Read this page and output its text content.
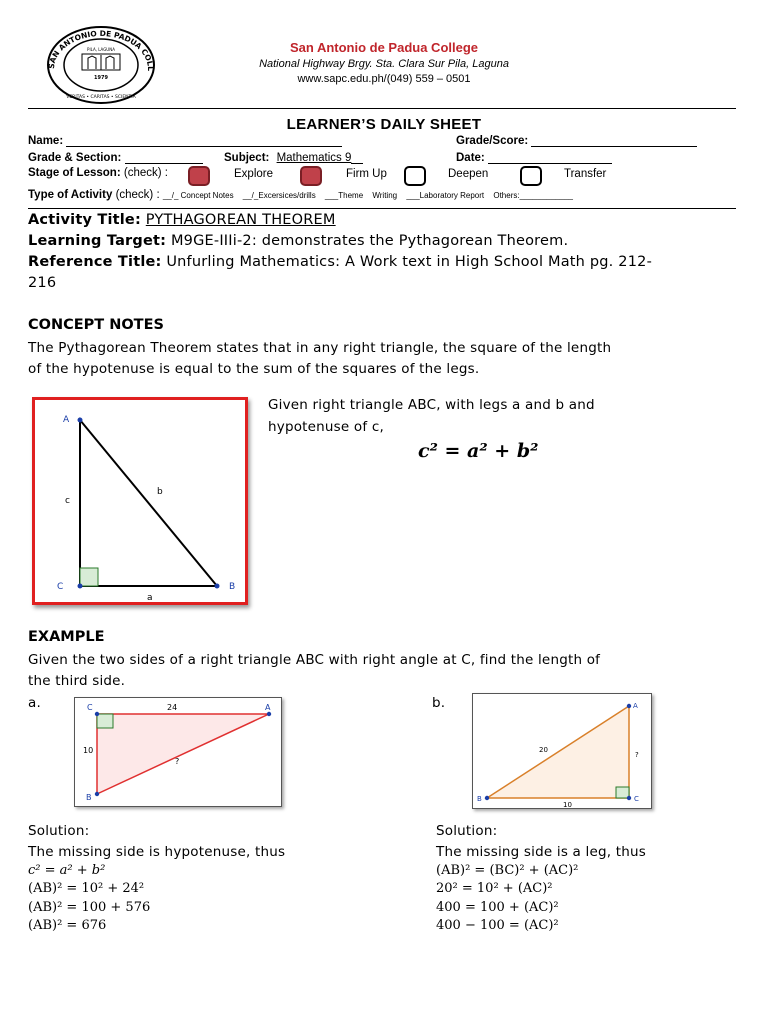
SAN ANTONIO DE PADUA COLL
PILA, LAGUNA
1979
VERITAS • CARITAS • SCIENTIA
San Antonio de Padua College
National Highway Brgy. Sta. Clara Sur Pila, Laguna
www.sapc.edu.ph/(049) 559 – 0501
LEARNER’S DAILY SHEET
Name:	Grade/Score:
Grade & Section:	Subject: Mathematics 9	Date:
Stage of Lesson: (check) :	Explore	Firm Up	Deepen	Transfer
Type of Activity (check) : __/_ Concept Notes __/_Excersices/drills ___Theme Writing ___Laboratory Report Others:____________
Activity Title: PYTHAGOREAN THEOREM
Learning Target: M9GE-IIIi-2: demonstrates the Pythagorean Theorem.
Reference Title: Unfurling Mathematics: A Work text in High School Math pg. 212-
216
CONCEPT NOTES
The Pythagorean Theorem states that in any right triangle, the square of the length
of the hypotenuse is equal to the sum of the squares of the legs.
A
C	B
a
b
c
Given right triangle ABC, with legs a and b and
hypotenuse of c,
c² = a² + b²
EXAMPLE
Given the two sides of a right triangle ABC with right angle at C, find the length of
the third side.
a.	b.
C	A
B
24
10
?
A
B	C
20
10
?
Solution:
The missing side is hypotenuse, thus
c² = a² + b²
(AB)² = 10² + 24²
(AB)² = 100 + 576
(AB)² = 676
Solution:
The missing side is a leg, thus
(AB)² = (BC)² + (AC)²
20² = 10² + (AC)²
400 = 100 + (AC)²
400 − 100 = (AC)²
